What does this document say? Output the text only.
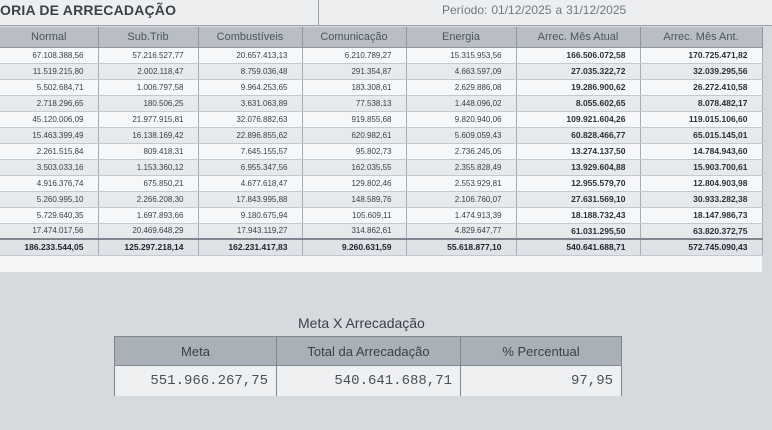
ORIA DE ARRECADAÇÃO	Período: 01/12/2025 a 31/12/2025
Normal	Sub.Trib	Combustíveis	Comunicação	Energia	Arrec. Mês Atual	Arrec. Mês Ant.
67.108.388,56	57.216.527,77	20.657.413,13	6.210.789,27	15.315.953,56	166.506.072,58	170.725.471,82
11.519.215,80	2.002.118,47	8.759.036,48	291.354,87	4.663.597,09	27.035.322,72	32.039.295,56
5.502.684,71	1.006.797,58	9.964.253,65	183.308,61	2.629.886,08	19.286.900,62	26.272.410,58
2.718.296,65	180.506,25	3.631.063,89	77.538,13	1.448.096,02	8.055.602,65	8.078.482,17
45.120.006,09	21.977.915,81	32.076.882,63	919.855,68	9.820.940,06	109.921.604,26	119.015.106,60
15.463.399,49	16.138.169,42	22.896.855,62	620.982,61	5.609.059,43	60.828.466,77	65.015.145,01
2.261.515,84	809.418,31	7.645.155,57	95.802,73	2.736.245,05	13.274.137,50	14.784.943,60
3.503.033,16	1.153.360,12	6.955.347,56	162.035,55	2.355.828,49	13.929.604,88	15.903.700,61
4.916.376,74	675.850,21	4.677.618,47	129.802,46	2.553.929,81	12.955.579,70	12.804.903,98
5.260.995,10	2.266.208,30	17.843.995,88	148.589,76	2.106.760,07	27.631.569,10	30.933.282,38
5.729.640,35	1.697.893,66	9.180.675,94	105.609,11	1.474.913,39	18.188.732,43	18.147.986,73
17.474.017,56	20.469.648,29	17.943.119,27	314.862,61	4.829.647,77	61.031.295,50	63.820.372,75
186.233.544,05	125.297.218,14	162.231.417,83	9.260.631,59	55.618.877,10	540.641.688,71	572.745.090,43
Meta X Arrecadação
Meta	Total da Arrecadação	% Percentual
551.966.267,75	540.641.688,71	97,95
